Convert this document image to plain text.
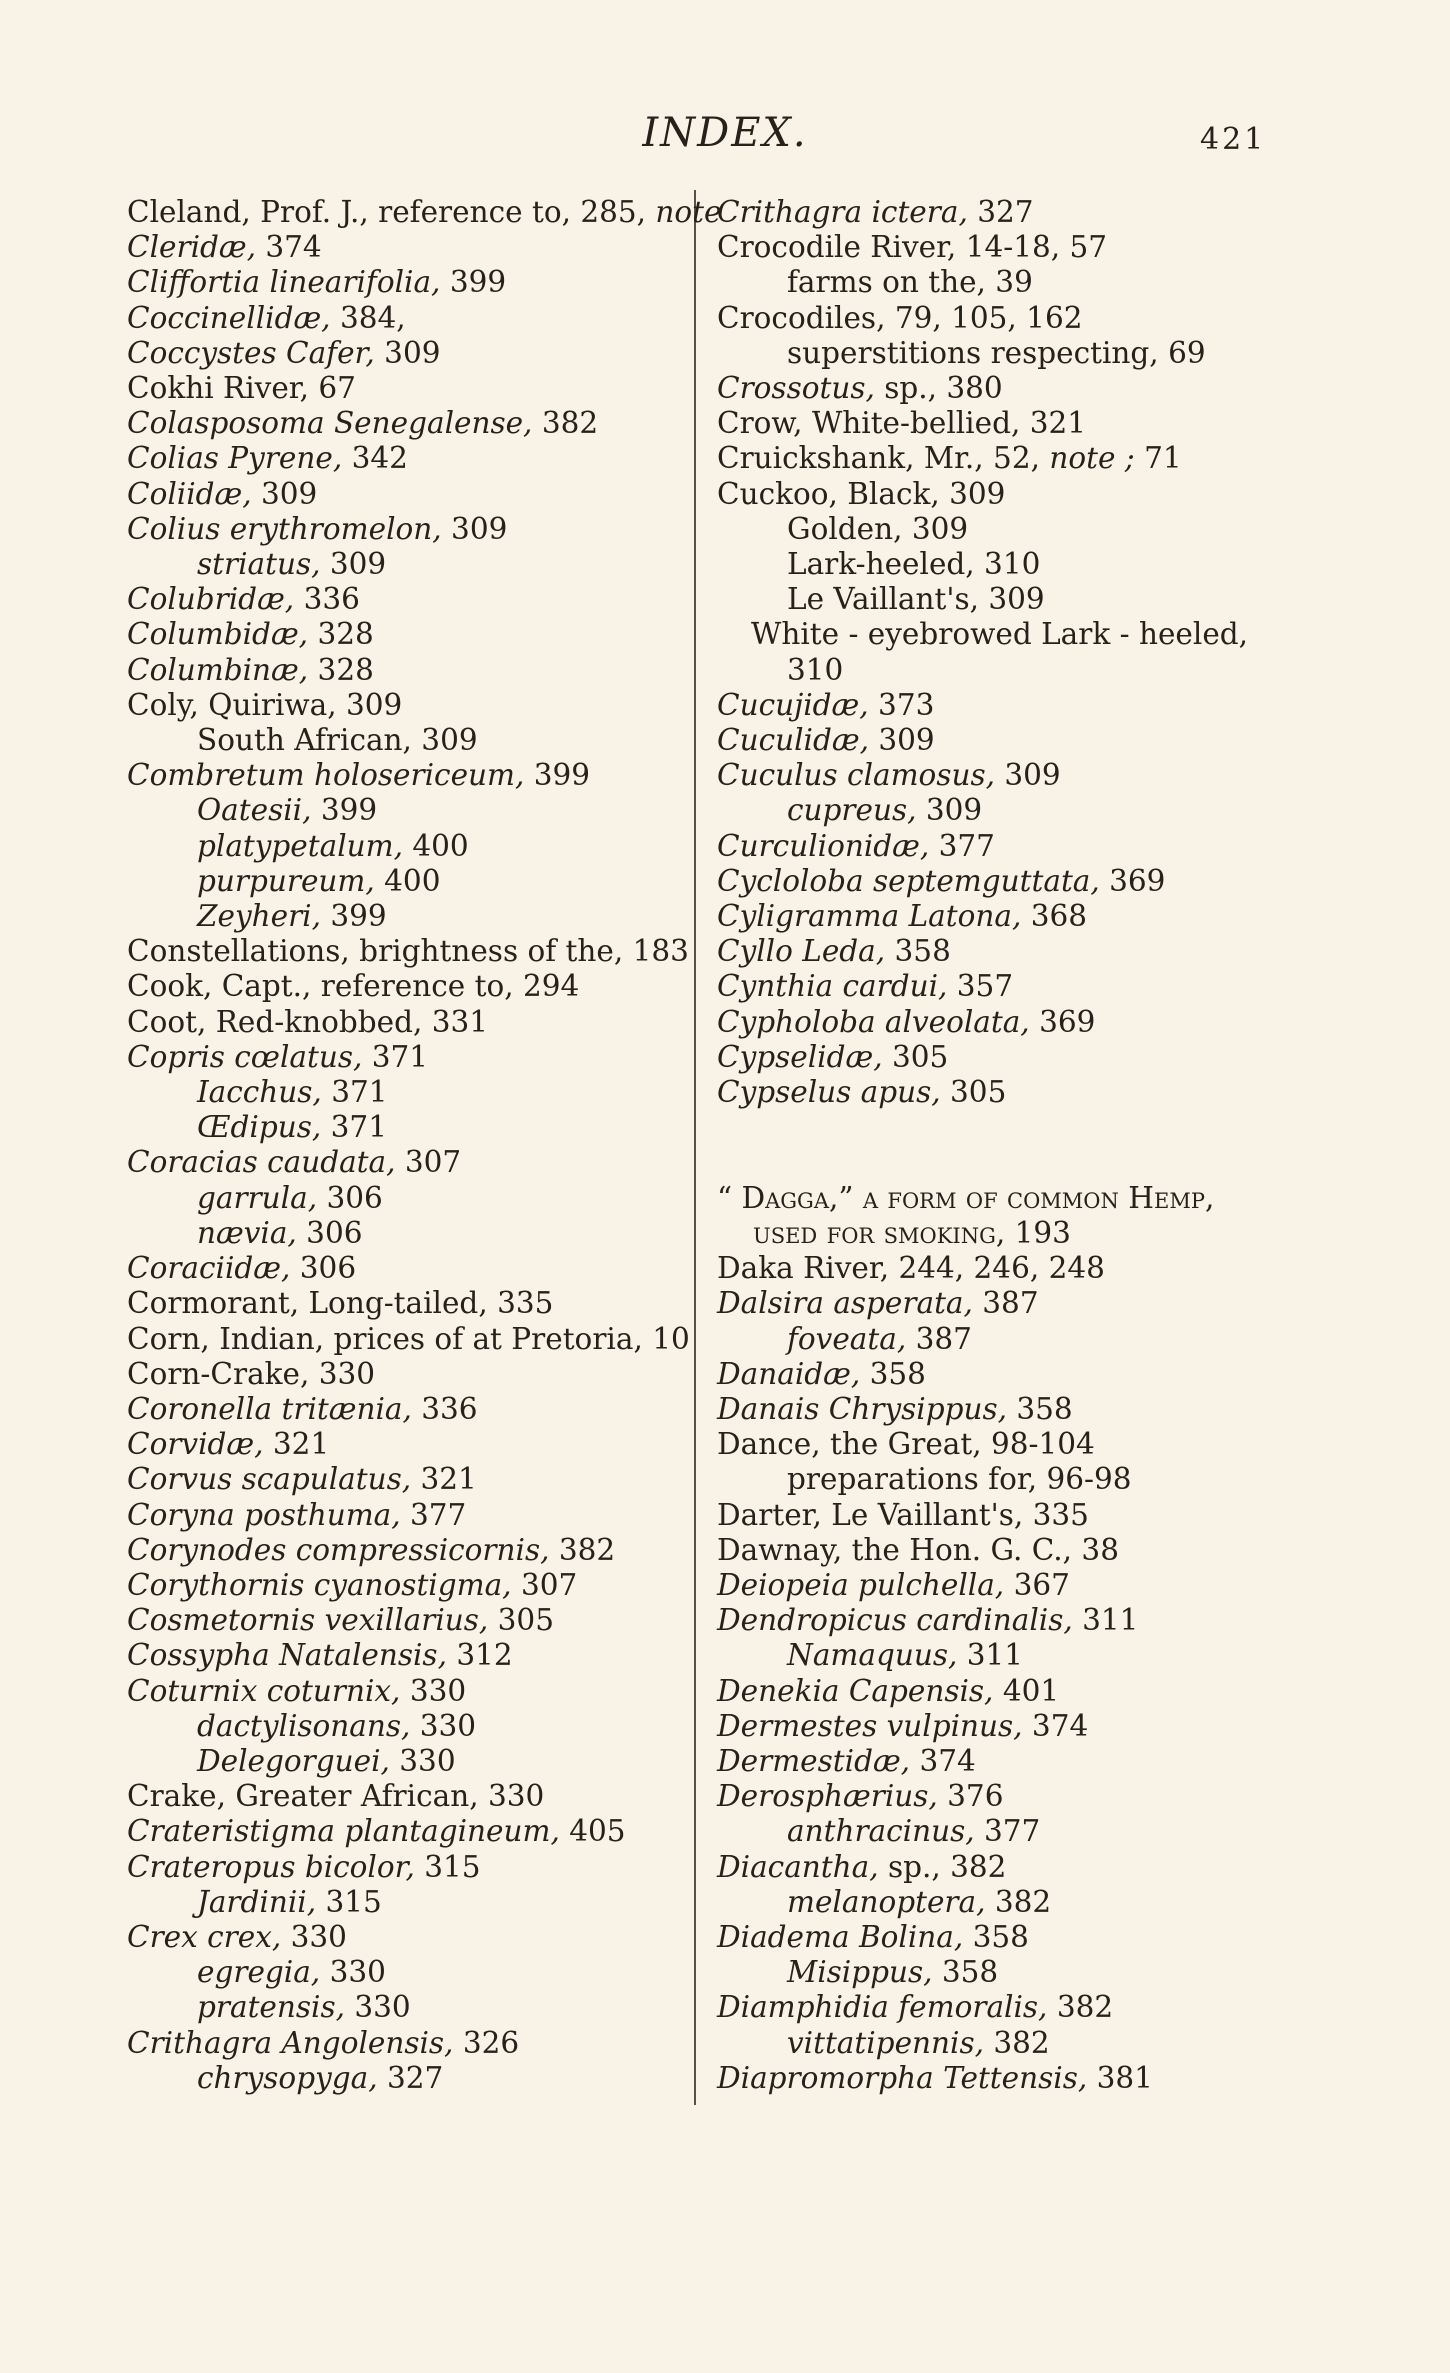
INDEX.	421
Cleland, Prof. J., reference to, 285, note
Cleridæ, 374
Cliffortia linearifolia, 399
Coccinellidæ, 384,
Coccystes Cafer, 309
Cokhi River, 67
Colasposoma Senegalense, 382
Colias Pyrene, 342
Coliidæ, 309
Colius erythromelon, 309
striatus, 309
Colubridæ, 336
Columbidæ, 328
Columbinæ, 328
Coly, Quiriwa, 309
South African, 309
Combretum holosericeum, 399
Oatesii, 399
platypetalum, 400
purpureum, 400
Zeyheri, 399
Constellations, brightness of the, 183
Cook, Capt., reference to, 294
Coot, Red-knobbed, 331
Copris cœlatus, 371
Iacchus, 371
Œdipus, 371
Coracias caudata, 307
garrula, 306
nævia, 306
Coraciidæ, 306
Cormorant, Long-tailed, 335
Corn, Indian, prices of at Pretoria, 10
Corn-Crake, 330
Coronella tritænia, 336
Corvidæ, 321
Corvus scapulatus, 321
Coryna posthuma, 377
Corynodes compressicornis, 382
Corythornis cyanostigma, 307
Cosmetornis vexillarius, 305
Cossypha Natalensis, 312
Coturnix coturnix, 330
dactylisonans, 330
Delegorguei, 330
Crake, Greater African, 330
Crateristigma plantagineum, 405
Crateropus bicolor, 315
Jardinii, 315
Crex crex, 330
egregia, 330
pratensis, 330
Crithagra Angolensis, 326
chrysopyga, 327
Crithagra ictera, 327
Crocodile River, 14-18, 57
farms on the, 39
Crocodiles, 79, 105, 162
superstitions respecting, 69
Crossotus, sp., 380
Crow, White-bellied, 321
Cruickshank, Mr., 52, note ; 71
Cuckoo, Black, 309
Golden, 309
Lark-heeled, 310
Le Vaillant's, 309
White - eyebrowed Lark - heeled, 310
Cucujidæ, 373
Cuculidæ, 309
Cuculus clamosus, 309
cupreus, 309
Curculionidæ, 377
Cycloloba septemguttata, 369
Cyligramma Latona, 368
Cyllo Leda, 358
Cynthia cardui, 357
Cypholoba alveolata, 369
Cypselidæ, 305
Cypselus apus, 305

“ Dagga,” a form of common Hemp, used for smoking, 193
Daka River, 244, 246, 248
Dalsira asperata, 387
foveata, 387
Danaidæ, 358
Danais Chrysippus, 358
Dance, the Great, 98-104
preparations for, 96-98
Darter, Le Vaillant's, 335
Dawnay, the Hon. G. C., 38
Deiopeia pulchella, 367
Dendropicus cardinalis, 311
Namaquus, 311
Denekia Capensis, 401
Dermestes vulpinus, 374
Dermestidæ, 374
Derosphærius, 376
anthracinus, 377
Diacantha, sp., 382
melanoptera, 382
Diadema Bolina, 358
Misippus, 358
Diamphidia femoralis, 382
vittatipennis, 382
Diapromorpha Tettensis, 381
